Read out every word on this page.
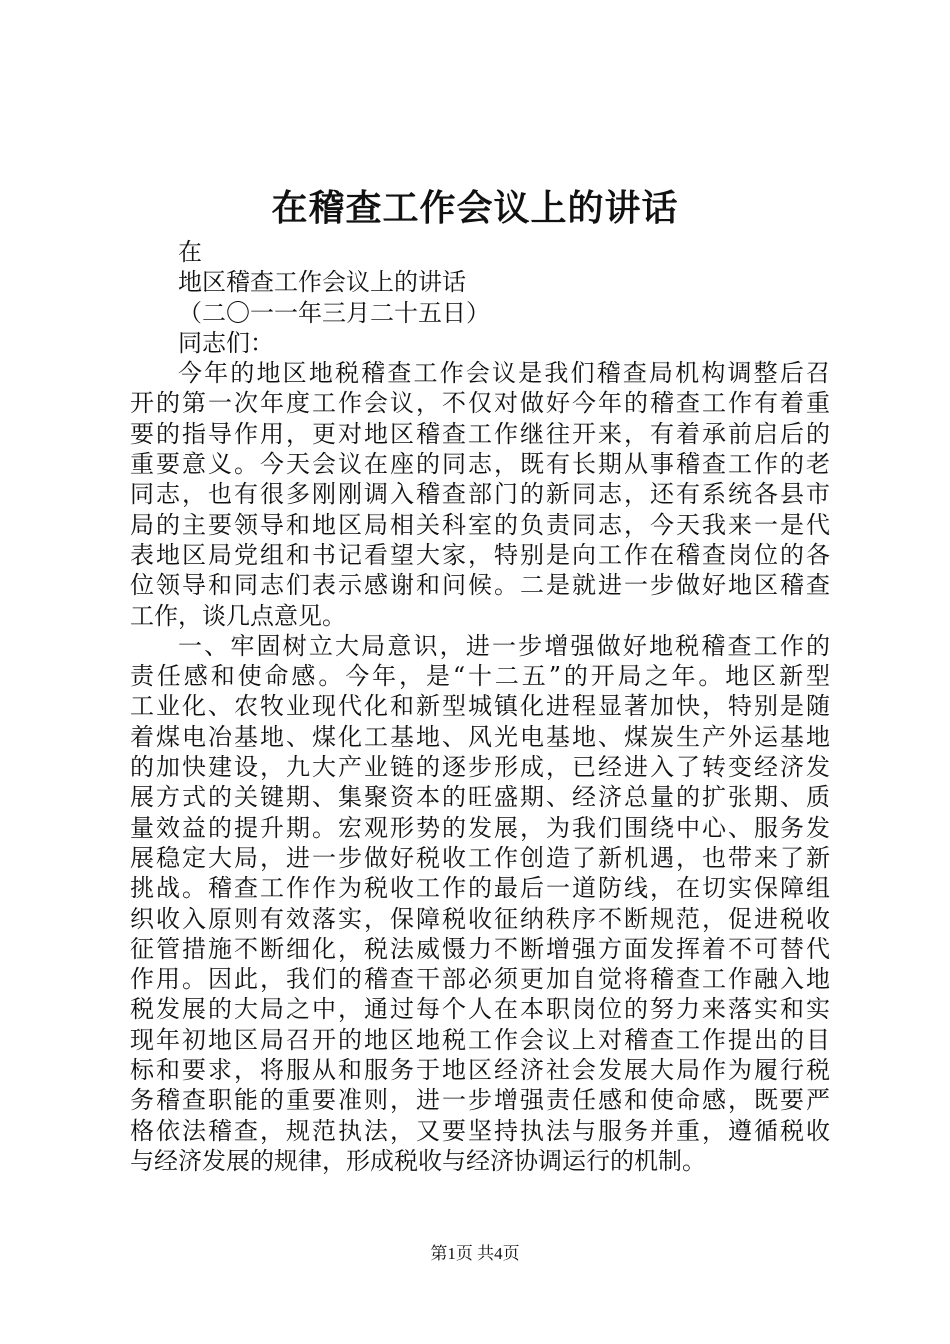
在稽查工作会议上的讲话
在
地区稽查工作会议上的讲话
（二〇一一年三月二十五日）
同志们：
今年的地区地税稽查工作会议是我们稽查局机构调整后召
开的第一次年度工作会议，不仅对做好今年的稽查工作有着重
要的指导作用，更对地区稽查工作继往开来，有着承前启后的
重要意义。今天会议在座的同志，既有长期从事稽查工作的老
同志，也有很多刚刚调入稽查部门的新同志，还有系统各县市
局的主要领导和地区局相关科室的负责同志，今天我来一是代
表地区局党组和书记看望大家，特别是向工作在稽查岗位的各
位领导和同志们表示感谢和问候。二是就进一步做好地区稽查
工作，谈几点意见。
一、牢固树立大局意识，进一步增强做好地税稽查工作的
责任感和使命感。今年，是“十二五”的开局之年。地区新型
工业化、农牧业现代化和新型城镇化进程显著加快，特别是随
着煤电冶基地、煤化工基地、风光电基地、煤炭生产外运基地
的加快建设，九大产业链的逐步形成，已经进入了转变经济发
展方式的关键期、集聚资本的旺盛期、经济总量的扩张期、质
量效益的提升期。宏观形势的发展，为我们围绕中心、服务发
展稳定大局，进一步做好税收工作创造了新机遇，也带来了新
挑战。稽查工作作为税收工作的最后一道防线，在切实保障组
织收入原则有效落实，保障税收征纳秩序不断规范，促进税收
征管措施不断细化，税法威慑力不断增强方面发挥着不可替代
作用。因此，我们的稽查干部必须更加自觉将稽查工作融入地
税发展的大局之中，通过每个人在本职岗位的努力来落实和实
现年初地区局召开的地区地税工作会议上对稽查工作提出的目
标和要求，将服从和服务于地区经济社会发展大局作为履行税
务稽查职能的重要准则，进一步增强责任感和使命感，既要严
格依法稽查，规范执法，又要坚持执法与服务并重，遵循税收
与经济发展的规律，形成税收与经济协调运行的机制。
第1页 共4页
